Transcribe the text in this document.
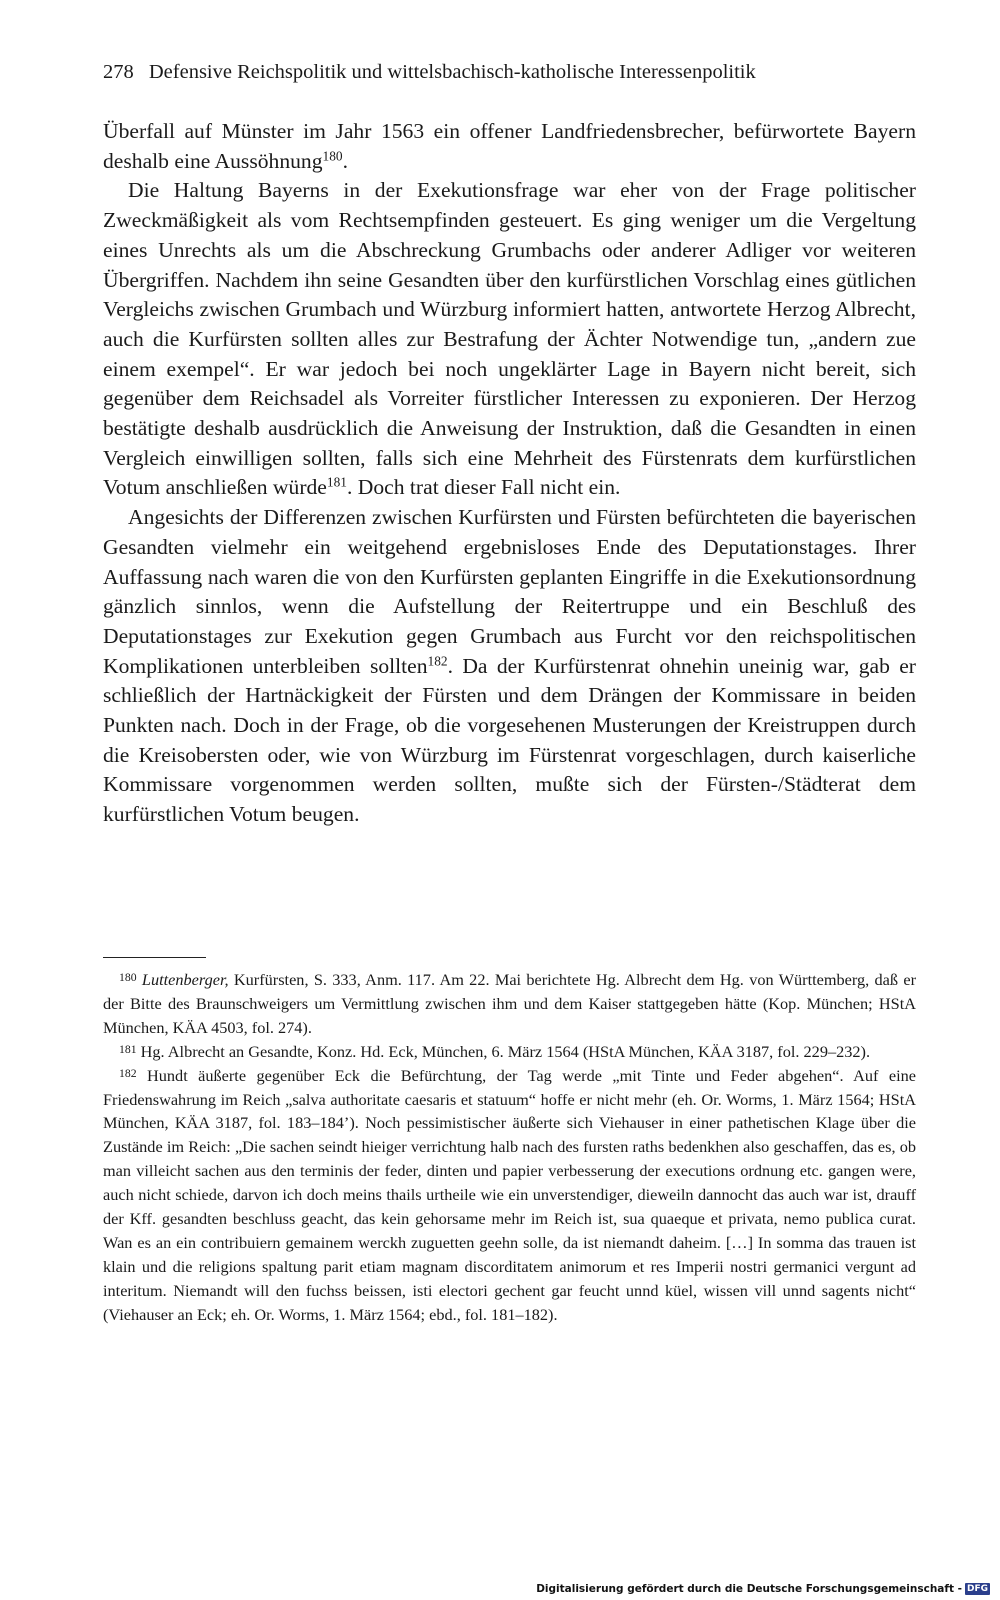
278 Defensive Reichspolitik und wittelsbachisch-katholische Interessenpolitik

Überfall auf Münster im Jahr 1563 ein offener Landfriedensbrecher, befürwortete Bayern deshalb eine Aussöhnung$^{180}$.

Die Haltung Bayerns in der Exekutionsfrage war eher von der Frage politischer Zweckmäßigkeit als vom Rechtsempfinden gesteuert. Es ging weniger um die Vergeltung eines Unrechts als um die Abschreckung Grumbachs oder anderer Adliger vor weiteren Übergriffen. Nachdem ihn seine Gesandten über den kurfürstlichen Vorschlag eines gütlichen Vergleichs zwischen Grumbach und Würzburg informiert hatten, antwortete Herzog Albrecht, auch die Kurfürsten sollten alles zur Bestrafung der Ächter Notwendige tun, „andern zue einem exempel“. Er war jedoch bei noch ungeklärter Lage in Bayern nicht bereit, sich gegenüber dem Reichsadel als Vorreiter fürstlicher Interessen zu exponieren. Der Herzog bestätigte deshalb ausdrücklich die Anweisung der Instruktion, daß die Gesandten in einen Vergleich einwilligen sollten, falls sich eine Mehrheit des Fürstenrats dem kurfürstlichen Votum anschließen würde$^{181}$. Doch trat dieser Fall nicht ein.

Angesichts der Differenzen zwischen Kurfürsten und Fürsten befürchteten die bayerischen Gesandten vielmehr ein weitgehend ergebnisloses Ende des Deputationstages. Ihrer Auffassung nach waren die von den Kurfürsten geplanten Eingriffe in die Exekutionsordnung gänzlich sinnlos, wenn die Aufstellung der Reitertruppe und ein Beschluß des Deputationstages zur Exekution gegen Grumbach aus Furcht vor den reichspolitischen Komplikationen unterbleiben sollten$^{182}$. Da der Kurfürstenrat ohnehin uneinig war, gab er schließlich der Hartnäckigkeit der Fürsten und dem Drängen der Kommissare in beiden Punkten nach. Doch in der Frage, ob die vorgesehenen Musterungen der Kreistruppen durch die Kreisobersten oder, wie von Würzburg im Fürstenrat vorgeschlagen, durch kaiserliche Kommissare vorgenommen werden sollten, mußte sich der Fürsten-/Städterat dem kurfürstlichen Votum beugen.

$^{180}$ Luttenberger, Kurfürsten, S. 333, Anm. 117. Am 22. Mai berichtete Hg. Albrecht dem Hg. von Württemberg, daß er der Bitte des Braunschweigers um Vermittlung zwischen ihm und dem Kaiser stattgegeben hätte (Kop. München; HStA München, KÄA 4503, fol. 274).

$^{181}$ Hg. Albrecht an Gesandte, Konz. Hd. Eck, München, 6. März 1564 (HStA München, KÄA 3187, fol. 229–232).

$^{182}$ Hundt äußerte gegenüber Eck die Befürchtung, der Tag werde „mit Tinte und Feder abgehen“. Auf eine Friedenswahrung im Reich „salva authoritate caesaris et statuum“ hoffe er nicht mehr (eh. Or. Worms, 1. März 1564; HStA München, KÄA 3187, fol. 183–184’). Noch pessimistischer äußerte sich Viehauser in einer pathetischen Klage über die Zustände im Reich: „Die sachen seindt hieiger verrichtung halb nach des fursten raths bedenkhen also geschaffen, das es, ob man villeicht sachen aus den terminis der feder, dinten und papier verbesserung der executions ordnung etc. gangen were, auch nicht schiede, darvon ich doch meins thails urtheile wie ein unverstendiger, dieweiln dannocht das auch war ist, drauff der Kff. gesandten beschluss geacht, das kein gehorsame mehr im Reich ist, sua quaeque et privata, nemo publica curat. Wan es an ein contribuiern gemainem werckh zuguetten geehn solle, da ist niemandt daheim. […] In somma das trauen ist klain und die religions spaltung parit etiam magnam discorditatem animorum et res Imperii nostri germanici vergunt ad interitum. Niemandt will den fuchss beissen, isti electori gechent gar feucht unnd küel, wissen vill unnd sagents nicht“ (Viehauser an Eck; eh. Or. Worms, 1. März 1564; ebd., fol. 181–182).

Digitalisierung gefördert durch die Deutsche Forschungsgemeinschaft - DFG
